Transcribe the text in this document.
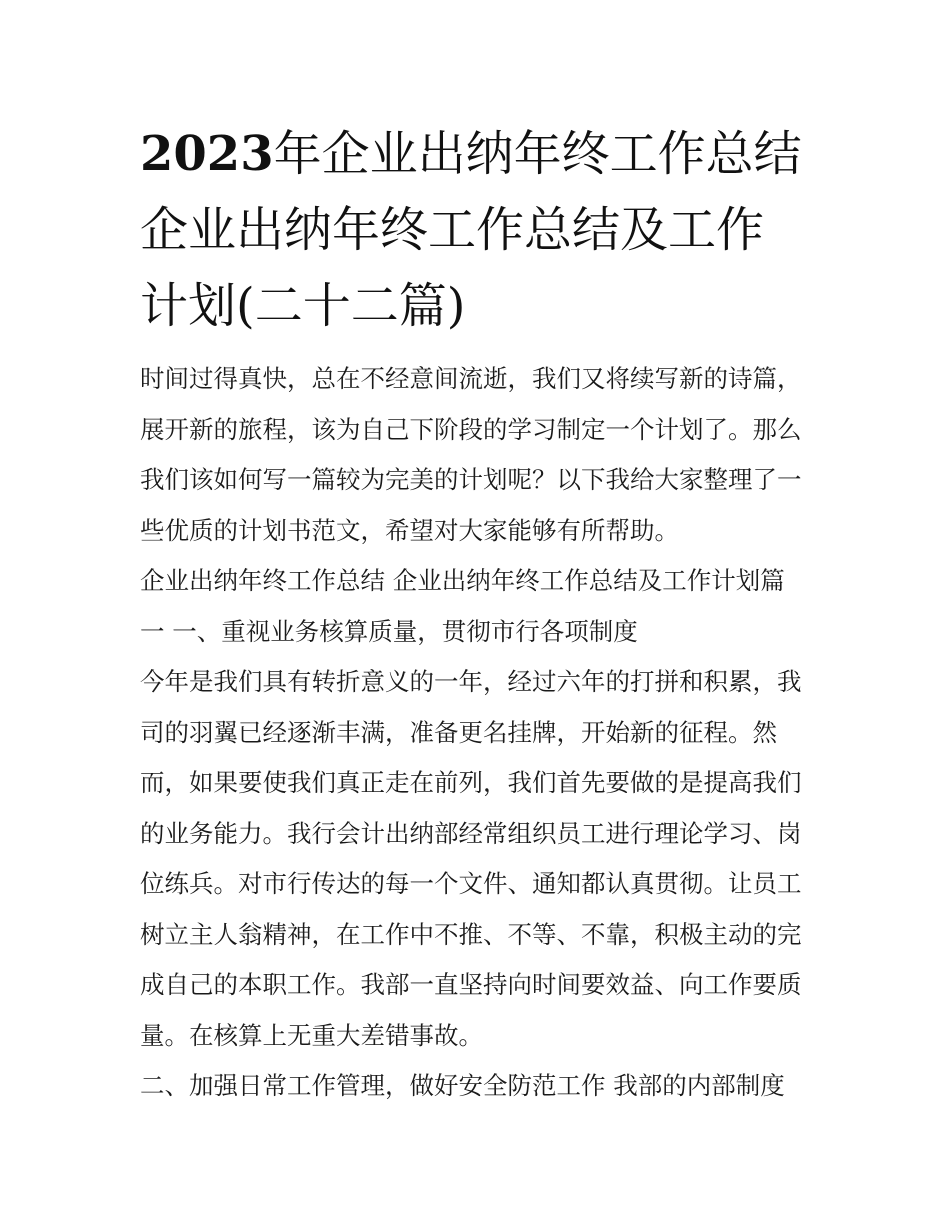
2023年企业出纳年终工作总结
企业出纳年终工作总结及工作
计划(二十二篇)

时间过得真快，总在不经意间流逝，我们又将续写新的诗篇，
展开新的旅程，该为自己下阶段的学习制定一个计划了。那么
我们该如何写一篇较为完美的计划呢？以下我给大家整理了一
些优质的计划书范文，希望对大家能够有所帮助。

企业出纳年终工作总结 企业出纳年终工作总结及工作计划篇
一 一、重视业务核算质量，贯彻市行各项制度

今年是我们具有转折意义的一年，经过六年的打拼和积累，我
司的羽翼已经逐渐丰满，准备更名挂牌，开始新的征程。然
而，如果要使我们真正走在前列，我们首先要做的是提高我们
的业务能力。我行会计出纳部经常组织员工进行理论学习、岗
位练兵。对市行传达的每一个文件、通知都认真贯彻。让员工
树立主人翁精神，在工作中不推、不等、不靠，积极主动的完
成自己的本职工作。我部一直坚持向时间要效益、向工作要质
量。在核算上无重大差错事故。

二、加强日常工作管理，做好安全防范工作 我部的内部制度
